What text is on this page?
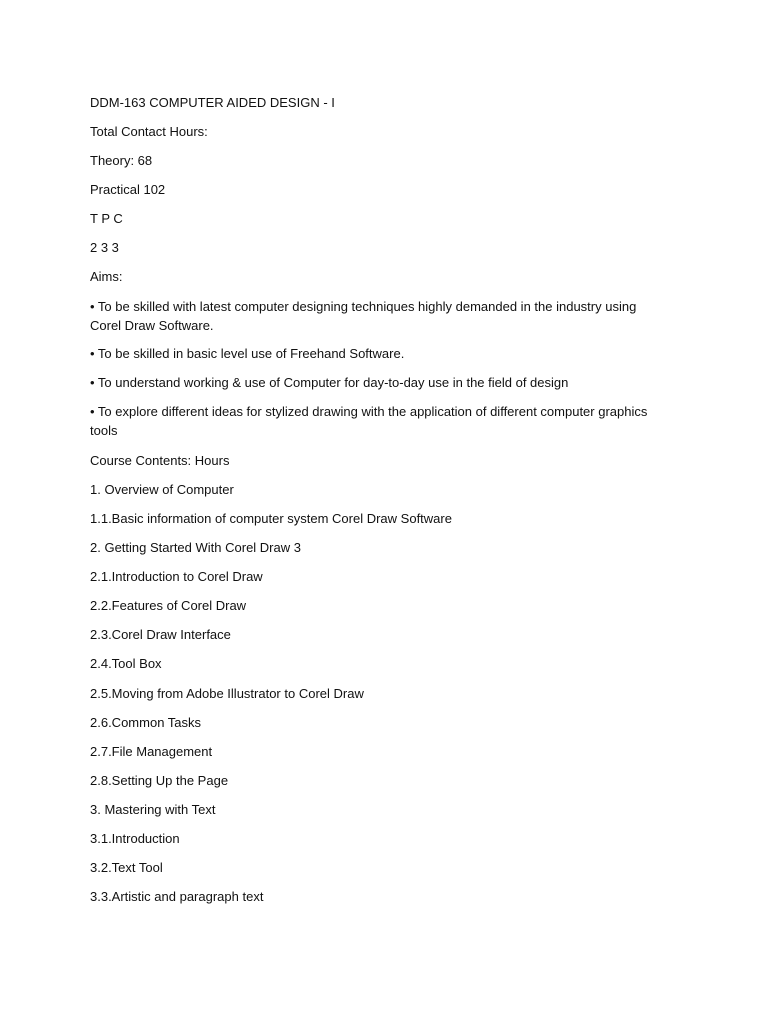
DDM-163 COMPUTER AIDED DESIGN - I
Total Contact Hours:
Theory: 68
Practical 102
T P C
2 3 3
Aims:
• To be skilled with latest computer designing techniques highly demanded in the industry using Corel Draw Software.
• To be skilled in basic level use of Freehand Software.
• To understand working & use of Computer for day-to-day use in the field of design
• To explore different ideas for stylized drawing with the application of different computer graphics tools
Course Contents: Hours
1. Overview of Computer
1.1.Basic information of computer system Corel Draw Software
2. Getting Started With Corel Draw 3
2.1.Introduction to Corel Draw
2.2.Features of Corel Draw
2.3.Corel Draw Interface
2.4.Tool Box
2.5.Moving from Adobe Illustrator to Corel Draw
2.6.Common Tasks
2.7.File Management
2.8.Setting Up the Page
3. Mastering with Text
3.1.Introduction
3.2.Text Tool
3.3.Artistic and paragraph text
